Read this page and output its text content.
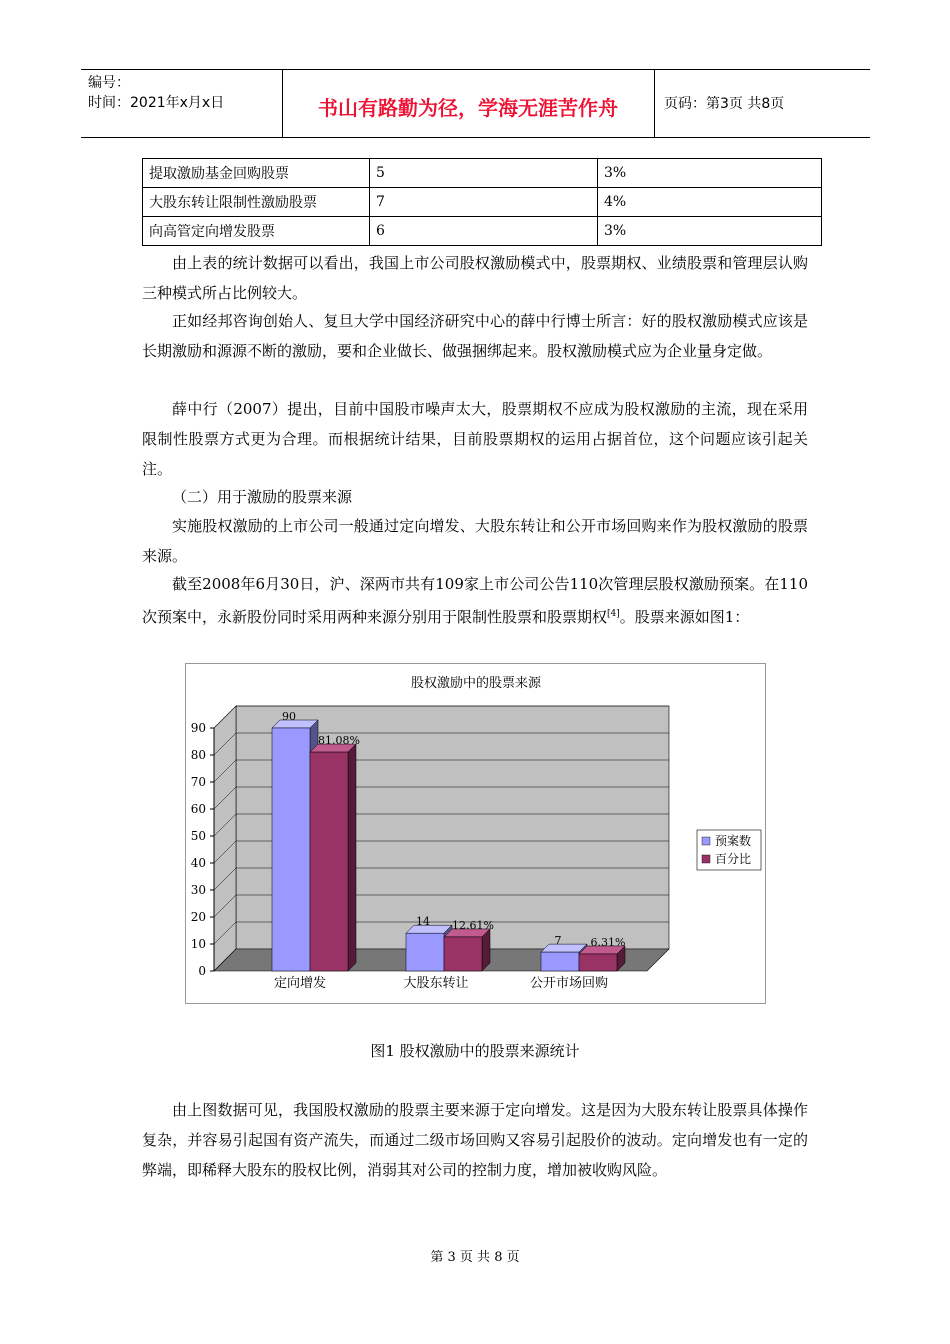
编号：
时间：2021年x月x日	书山有路勤为径，学海无涯苦作舟	页码：第3页 共8页
提取激励基金回购股票	5	3%
大股东转让限制性激励股票	7	4%
向高管定向增发股票	6	3%
由上表的统计数据可以看出，我国上市公司股权激励模式中，股票期权、业绩股票和管理层认购三种模式所占比例较大。
正如经邦咨询创始人、复旦大学中国经济研究中心的薛中行博士所言：好的股权激励模式应该是长期激励和源源不断的激励，要和企业做长、做强捆绑起来。股权激励模式应为企业量身定做。
薛中行（2007）提出，目前中国股市噪声太大，股票期权不应成为股权激励的主流，现在采用限制性股票方式更为合理。而根据统计结果，目前股票期权的运用占据首位，这个问题应该引起关注。
（二）用于激励的股票来源
实施股权激励的上市公司一般通过定向增发、大股东转让和公开市场回购来作为股权激励的股票来源。
截至2008年6月30日，沪、深两市共有109家上市公司公告110次管理层股权激励预案。在110次预案中，永新股份同时采用两种来源分别用于限制性股票和股票期权[4]。股票来源如图1：
股权激励中的股票来源
0
10
20
30
40
50
60
70
80
90
90
81.08%
14 12.61%
7	6.31%
定向增发	大股东转让	公开市场回购
预案数
百分比
图1 股权激励中的股票来源统计
由上图数据可见，我国股权激励的股票主要来源于定向增发。这是因为大股东转让股票具体操作复杂，并容易引起国有资产流失，而通过二级市场回购又容易引起股价的波动。定向增发也有一定的弊端，即稀释大股东的股权比例，消弱其对公司的控制力度，增加被收购风险。
第 3 页 共 8 页
